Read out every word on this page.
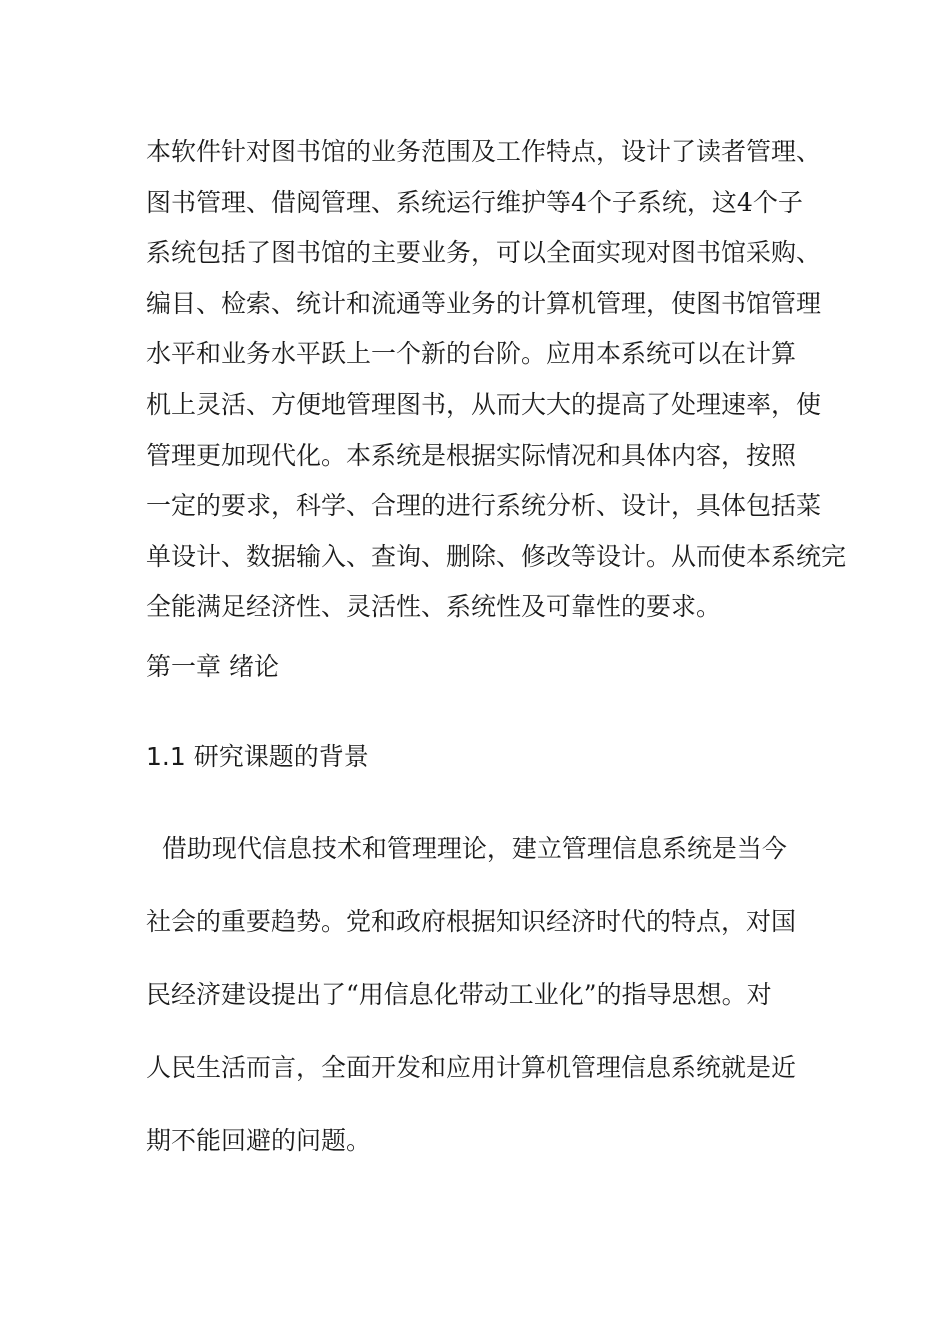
本软件针对图书馆的业务范围及工作特点，设计了读者管理、
图书管理、借阅管理、系统运行维护等4个子系统，这4个子
系统包括了图书馆的主要业务，可以全面实现对图书馆采购、
编目、检索、统计和流通等业务的计算机管理，使图书馆管理
水平和业务水平跃上一个新的台阶。应用本系统可以在计算
机上灵活、方便地管理图书，从而大大的提高了处理速率，使
管理更加现代化。本系统是根据实际情况和具体内容，按照
一定的要求，科学、合理的进行系统分析、设计，具体包括菜
单设计、数据输入、查询、删除、修改等设计。从而使本系统完
全能满足经济性、灵活性、系统性及可靠性的要求。

第一章 绪论
1.1 研究课题的背景

借助现代信息技术和管理理论，建立管理信息系统是当今
社会的重要趋势。党和政府根据知识经济时代的特点，对国
民经济建设提出了“用信息化带动工业化”的指导思想。对
人民生活而言，全面开发和应用计算机管理信息系统就是近
期不能回避的问题。
